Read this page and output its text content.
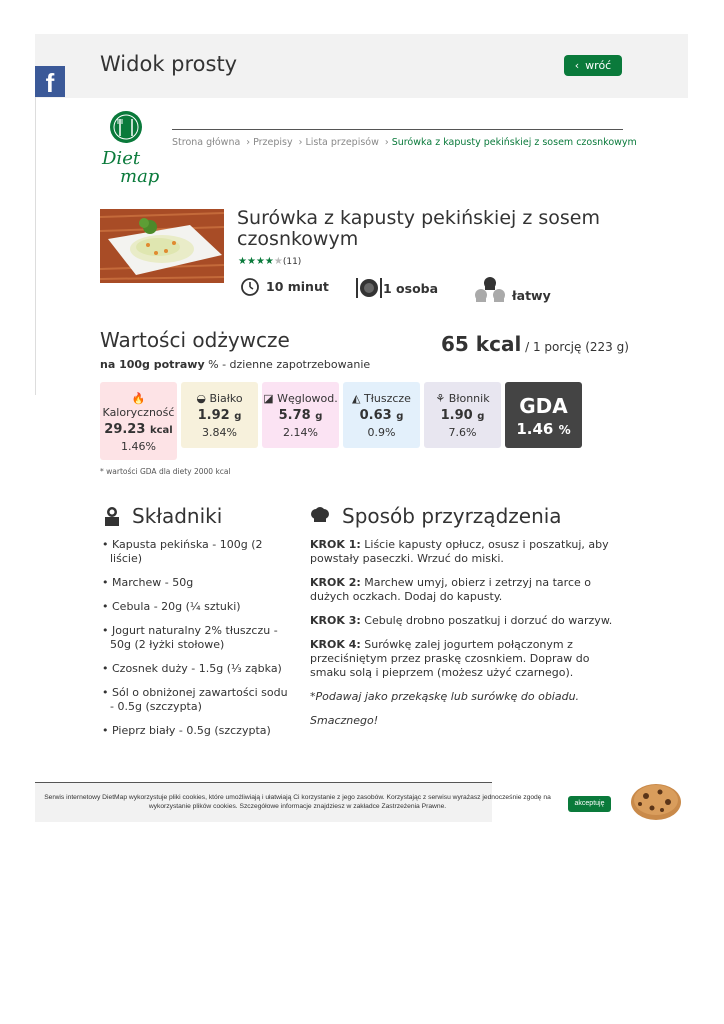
Widok prosty	‹ wróć
f
Diet
map
Strona główna › Przepisy › Lista przepisów › Surówka z kapusty pekińskiej z sosem czosnkowym
Surówka z kapusty pekińskiej z sosem czosnkowym
★★★★★ (11)
10 minut	1 osoba	łatwy
Wartości odżywcze	65 kcal / 1 porcję (223 g)
na 100g potrawy % - dzienne zapotrzebowanie
🔥
Kaloryczność
29.23 kcal
1.46%
◒ Białko
1.92 g
3.84%
◪ Węglowod.
5.78 g
2.14%
◭ Tłuszcze
0.63 g
0.9%
⚘ Błonnik
1.90 g
7.6%
GDA
1.46 %
* wartości GDA dla diety 2000 kcal
Składniki
• Kapusta pekińska - 100g (2 liście)
• Marchew - 50g
• Cebula - 20g (¼ sztuki)
• Jogurt naturalny 2% tłuszczu - 50g (2 łyżki stołowe)
• Czosnek duży - 1.5g (⅓ ząbka)
• Sól o obniżonej zawartości sodu - 0.5g (szczypta)
• Pieprz biały - 0.5g (szczypta)
Sposób przyrządzenia

KROK 1: Liście kapusty opłucz, osusz i poszatkuj, aby powstały paseczki. Wrzuć do miski.

KROK 2: Marchew umyj, obierz i zetrzyj na tarce o dużych oczkach. Dodaj do kapusty.

KROK 3: Cebulę drobno poszatkuj i dorzuć do warzyw.

KROK 4: Surówkę zalej jogurtem połączonym z przeciśniętym przez praskę czosnkiem. Dopraw do smaku solą i pieprzem (możesz użyć czarnego).

*Podawaj jako przekąskę lub surówkę do obiadu.

Smacznego!

Serwis internetowy DietMap wykorzystuje pliki cookies, które umożliwiają i ułatwiają Ci korzystanie z jego zasobów. Korzystając z serwisu wyrażasz jednocześnie zgodę na wykorzystanie plików cookies. Szczegółowe informacje znajdziesz w zakładce Zastrzeżenia Prawne.	akceptuję
